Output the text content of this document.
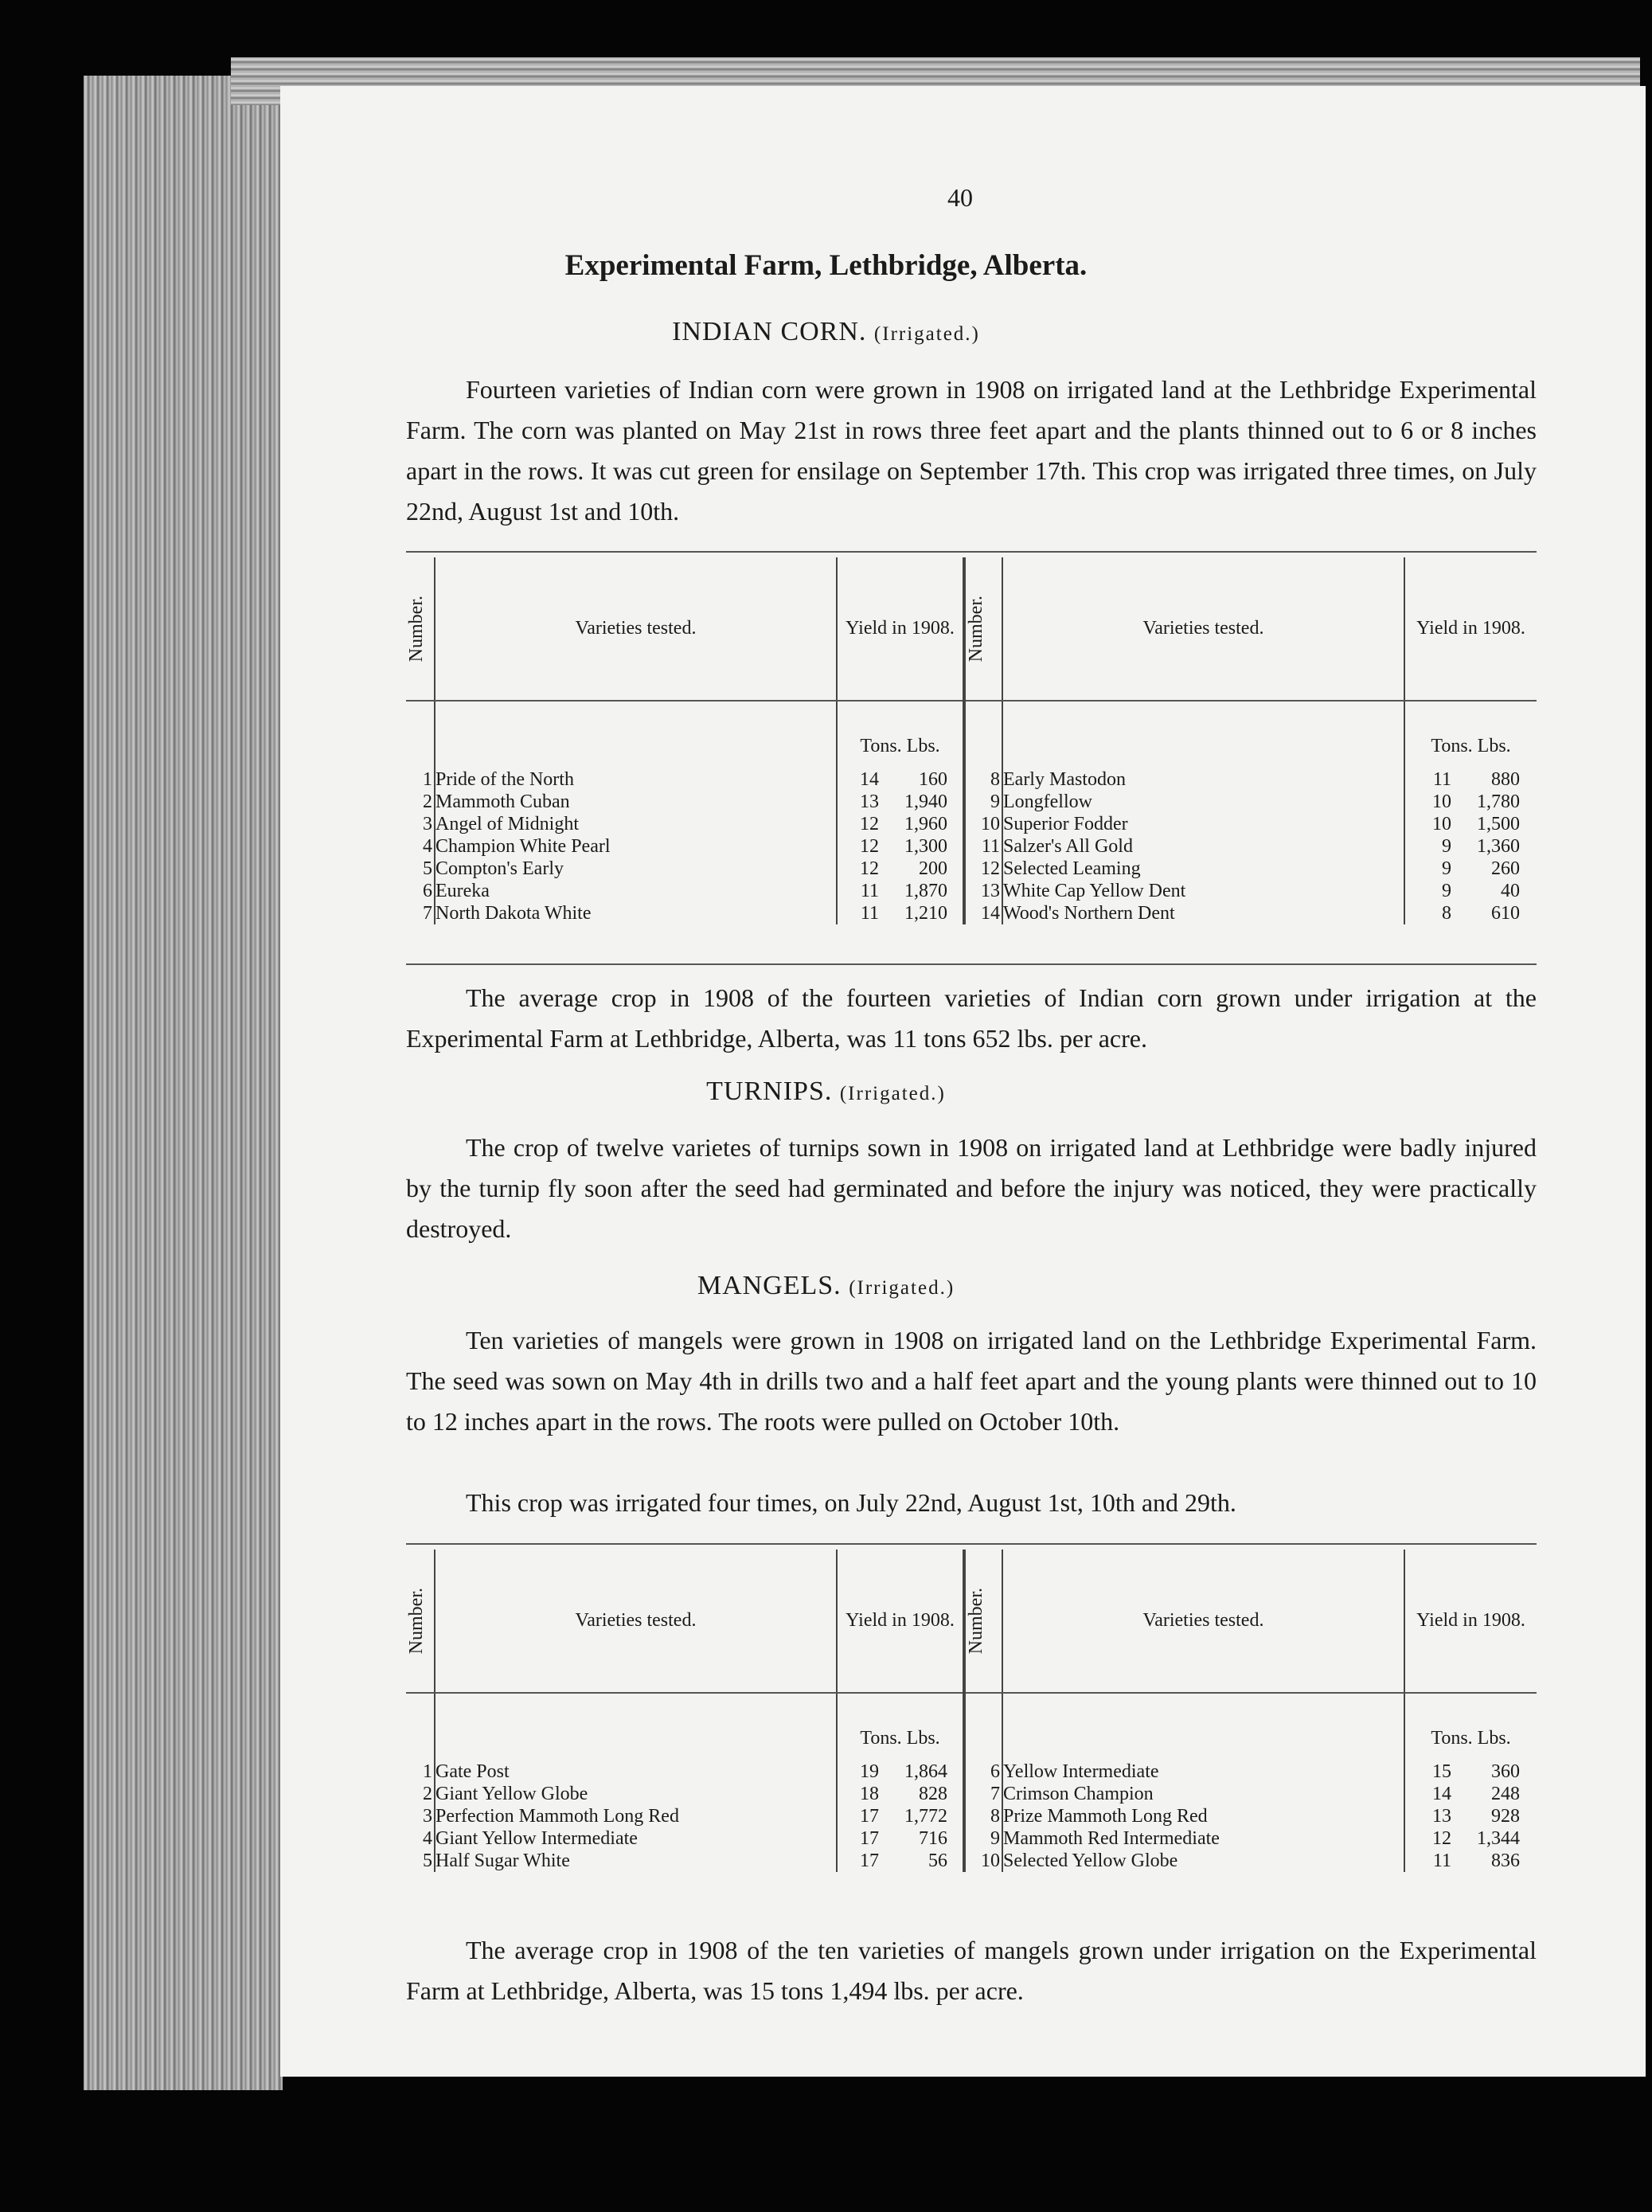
40
Experimental Farm, Lethbridge, Alberta.
INDIAN CORN. (Irrigated.)
Fourteen varieties of Indian corn were grown in 1908 on irrigated land at the Lethbridge Experimental Farm. The corn was planted on May 21st in rows three feet apart and the plants thinned out to 6 or 8 inches apart in the rows. It was cut green for ensilage on September 17th. This crop was irrigated three times, on July 22nd, August 1st and 10th.
Number.	Varieties tested.	Yield in 1908.	Number.	Varieties tested.	Yield in 1908.
		Tons. Lbs.			Tons. Lbs.
1	Pride of the North	14 160	8	Early Mastodon	11 880
2	Mammoth Cuban	13 1,940	9	Longfellow	10 1,780
3	Angel of Midnight	12 1,960	10	Superior Fodder	10 1,500
4	Champion White Pearl	12 1,300	11	Salzer's All Gold	9 1,360
5	Compton's Early	12 200	12	Selected Leaming	9 260
6	Eureka	11 1,870	13	White Cap Yellow Dent	9 40
7	North Dakota White	11 1,210	14	Wood's Northern Dent	8 610
The average crop in 1908 of the fourteen varieties of Indian corn grown under irrigation at the Experimental Farm at Lethbridge, Alberta, was 11 tons 652 lbs. per acre.
TURNIPS. (Irrigated.)
The crop of twelve varietes of turnips sown in 1908 on irrigated land at Lethbridge were badly injured by the turnip fly soon after the seed had germinated and before the injury was noticed, they were practically destroyed.
MANGELS. (Irrigated.)
Ten varieties of mangels were grown in 1908 on irrigated land on the Lethbridge Experimental Farm. The seed was sown on May 4th in drills two and a half feet apart and the young plants were thinned out to 10 to 12 inches apart in the rows. The roots were pulled on October 10th.
This crop was irrigated four times, on July 22nd, August 1st, 10th and 29th.
Number.	Varieties tested.	Yield in 1908.	Number.	Varieties tested.	Yield in 1908.
		Tons. Lbs.			Tons. Lbs.
1	Gate Post	19 1,864	6	Yellow Intermediate	15 360
2	Giant Yellow Globe	18 828	7	Crimson Champion	14 248
3	Perfection Mammoth Long Red	17 1,772	8	Prize Mammoth Long Red	13 928
4	Giant Yellow Intermediate	17 716	9	Mammoth Red Intermediate	12 1,344
5	Half Sugar White	17 56	10	Selected Yellow Globe	11 836
The average crop in 1908 of the ten varieties of mangels grown under irrigation on the Experimental Farm at Lethbridge, Alberta, was 15 tons 1,494 lbs. per acre.
